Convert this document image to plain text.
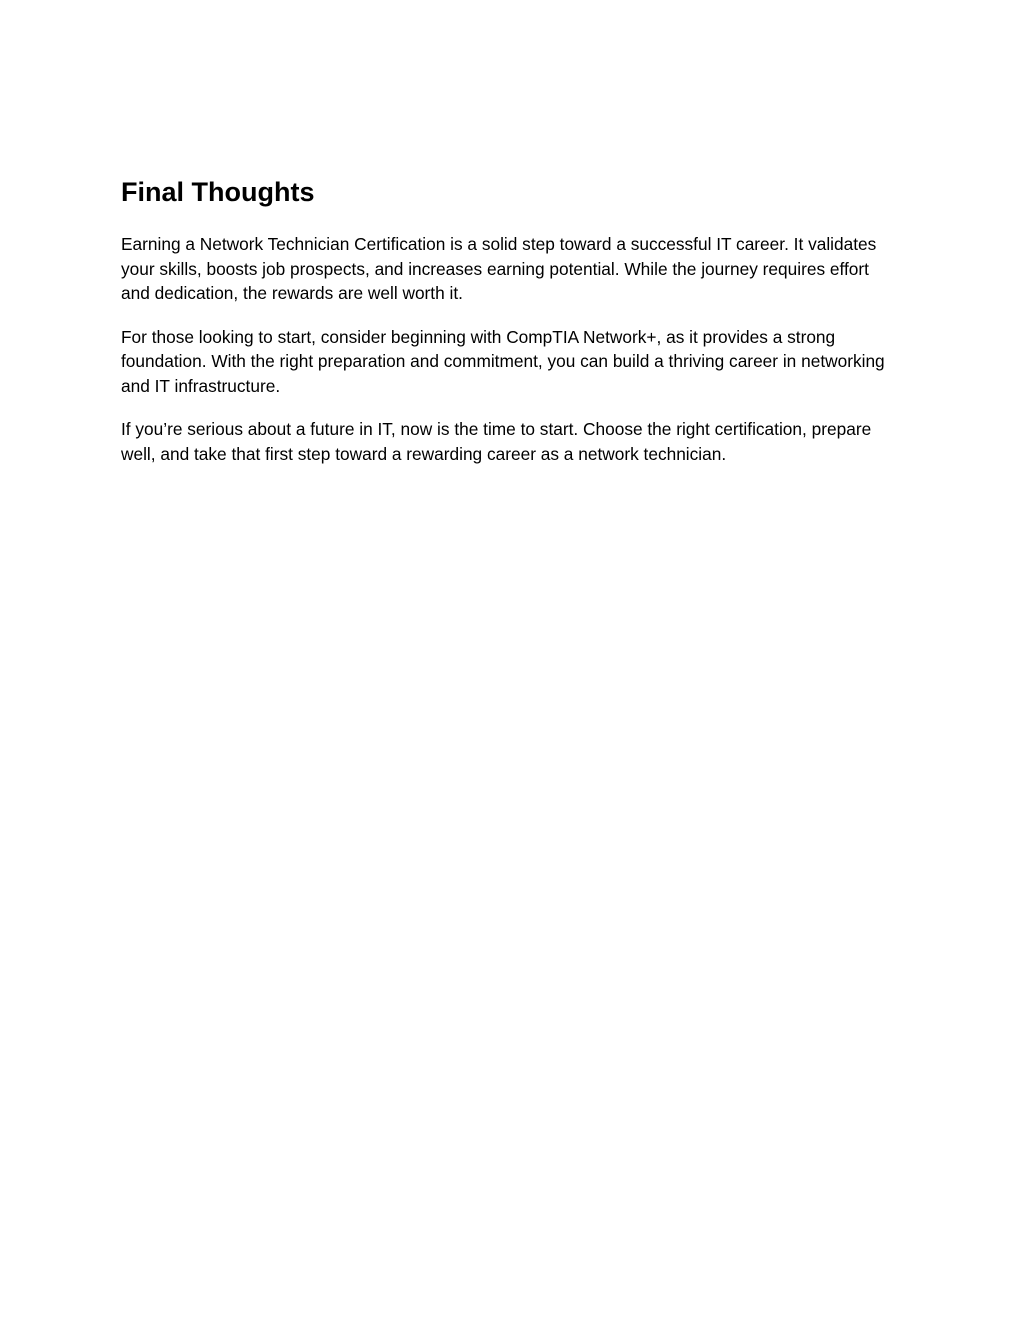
Final Thoughts

Earning a Network Technician Certification is a solid step toward a successful IT career. It validates your skills, boosts job prospects, and increases earning potential. While the journey requires effort and dedication, the rewards are well worth it.

For those looking to start, consider beginning with CompTIA Network+, as it provides a strong foundation. With the right preparation and commitment, you can build a thriving career in networking and IT infrastructure.

If you’re serious about a future in IT, now is the time to start. Choose the right certification, prepare well, and take that first step toward a rewarding career as a network technician.
